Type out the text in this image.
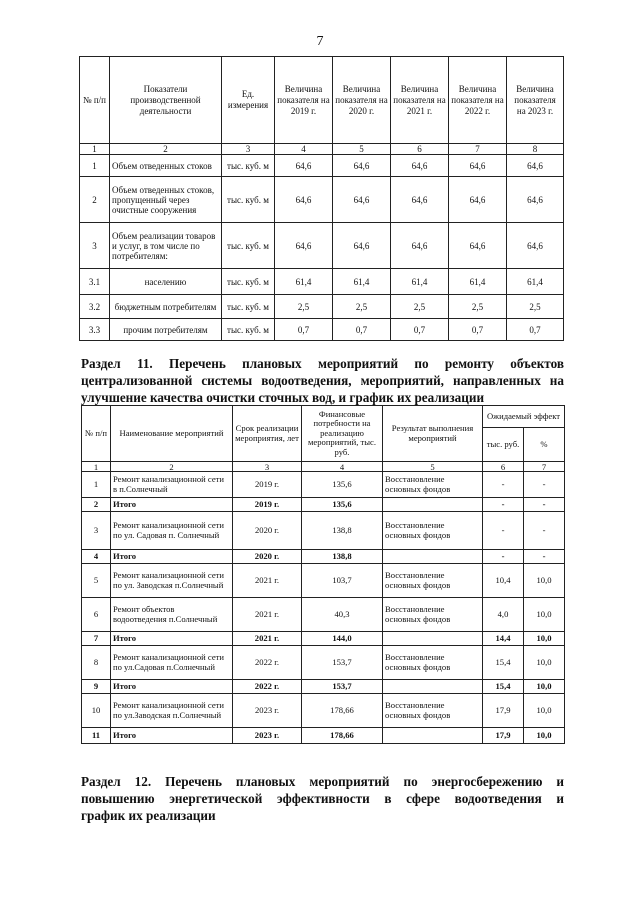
7
№ п/п	Показатели производственной деятельности	Ед. измерения	Величина показателя на 2019 г.	Величина показателя на 2020 г.	Величина показателя на 2021 г.	Величина показателя на 2022 г.	Величина показателя на 2023 г.
1	2	3	4	5	6	7	8
1	Объем отведенных стоков	тыс. куб. м	64,6	64,6	64,6	64,6	64,6
2	Объем отведенных стоков, пропущенный через очистные сооружения	тыс. куб. м	64,6	64,6	64,6	64,6	64,6
3	Объем реализации товаров и услуг, в том числе по потребителям:	тыс. куб. м	64,6	64,6	64,6	64,6	64,6
3.1	населению	тыс. куб. м	61,4	61,4	61,4	61,4	61,4
3.2	бюджетным потребителям	тыс. куб. м	2,5	2,5	2,5	2,5	2,5
3.3	прочим потребителям	тыс. куб. м	0,7	0,7	0,7	0,7	0,7
Раздел 11. Перечень плановых мероприятий по ремонту объектов
централизованной системы водоотведения, мероприятий, направленных на
улучшение качества очистки сточных вод, и график их реализации
№ п/п	Наименование мероприятий	Срок реализации мероприятия, лет	Финансовые потребности на реализацию мероприятий, тыс. руб.	Результат выполнения мероприятий	Ожидаемый эффект	
					тыс. руб.	%
1	2	3	4	5	6	7
1	Ремонт канализационной сети в п.Солнечный	2019 г.	135,6	Восстановление основных фондов	-	-
2	Итого	2019 г.	135,6		-	-
3	Ремонт канализационной сети по ул. Садовая п. Солнечный	2020 г.	138,8	Восстановление основных фондов	-	-
4	Итого	2020 г.	138,8		-	-
5	Ремонт канализационной сети по ул. Заводская п.Солнечный	2021 г.	103,7	Восстановление основных фондов	10,4	10,0
6	Ремонт объектов водоотведения п.Солнечный	2021 г.	40,3	Восстановление основных фондов	4,0	10,0
7	Итого	2021 г.	144,0		14,4	10,0
8	Ремонт канализационной сети по ул.Садовая п.Солнечный	2022 г.	153,7	Восстановление основных фондов	15,4	10,0
9	Итого	2022 г.	153,7		15,4	10,0
10	Ремонт канализационной сети по ул.Заводская п.Солнечный	2023 г.	178,66	Восстановление основных фондов	17,9	10,0
11	Итого	2023 г.	178,66		17,9	10,0
Раздел 12. Перечень плановых мероприятий по энергосбережению и
повышению энергетической эффективности в сфере водоотведения и
график их реализации
